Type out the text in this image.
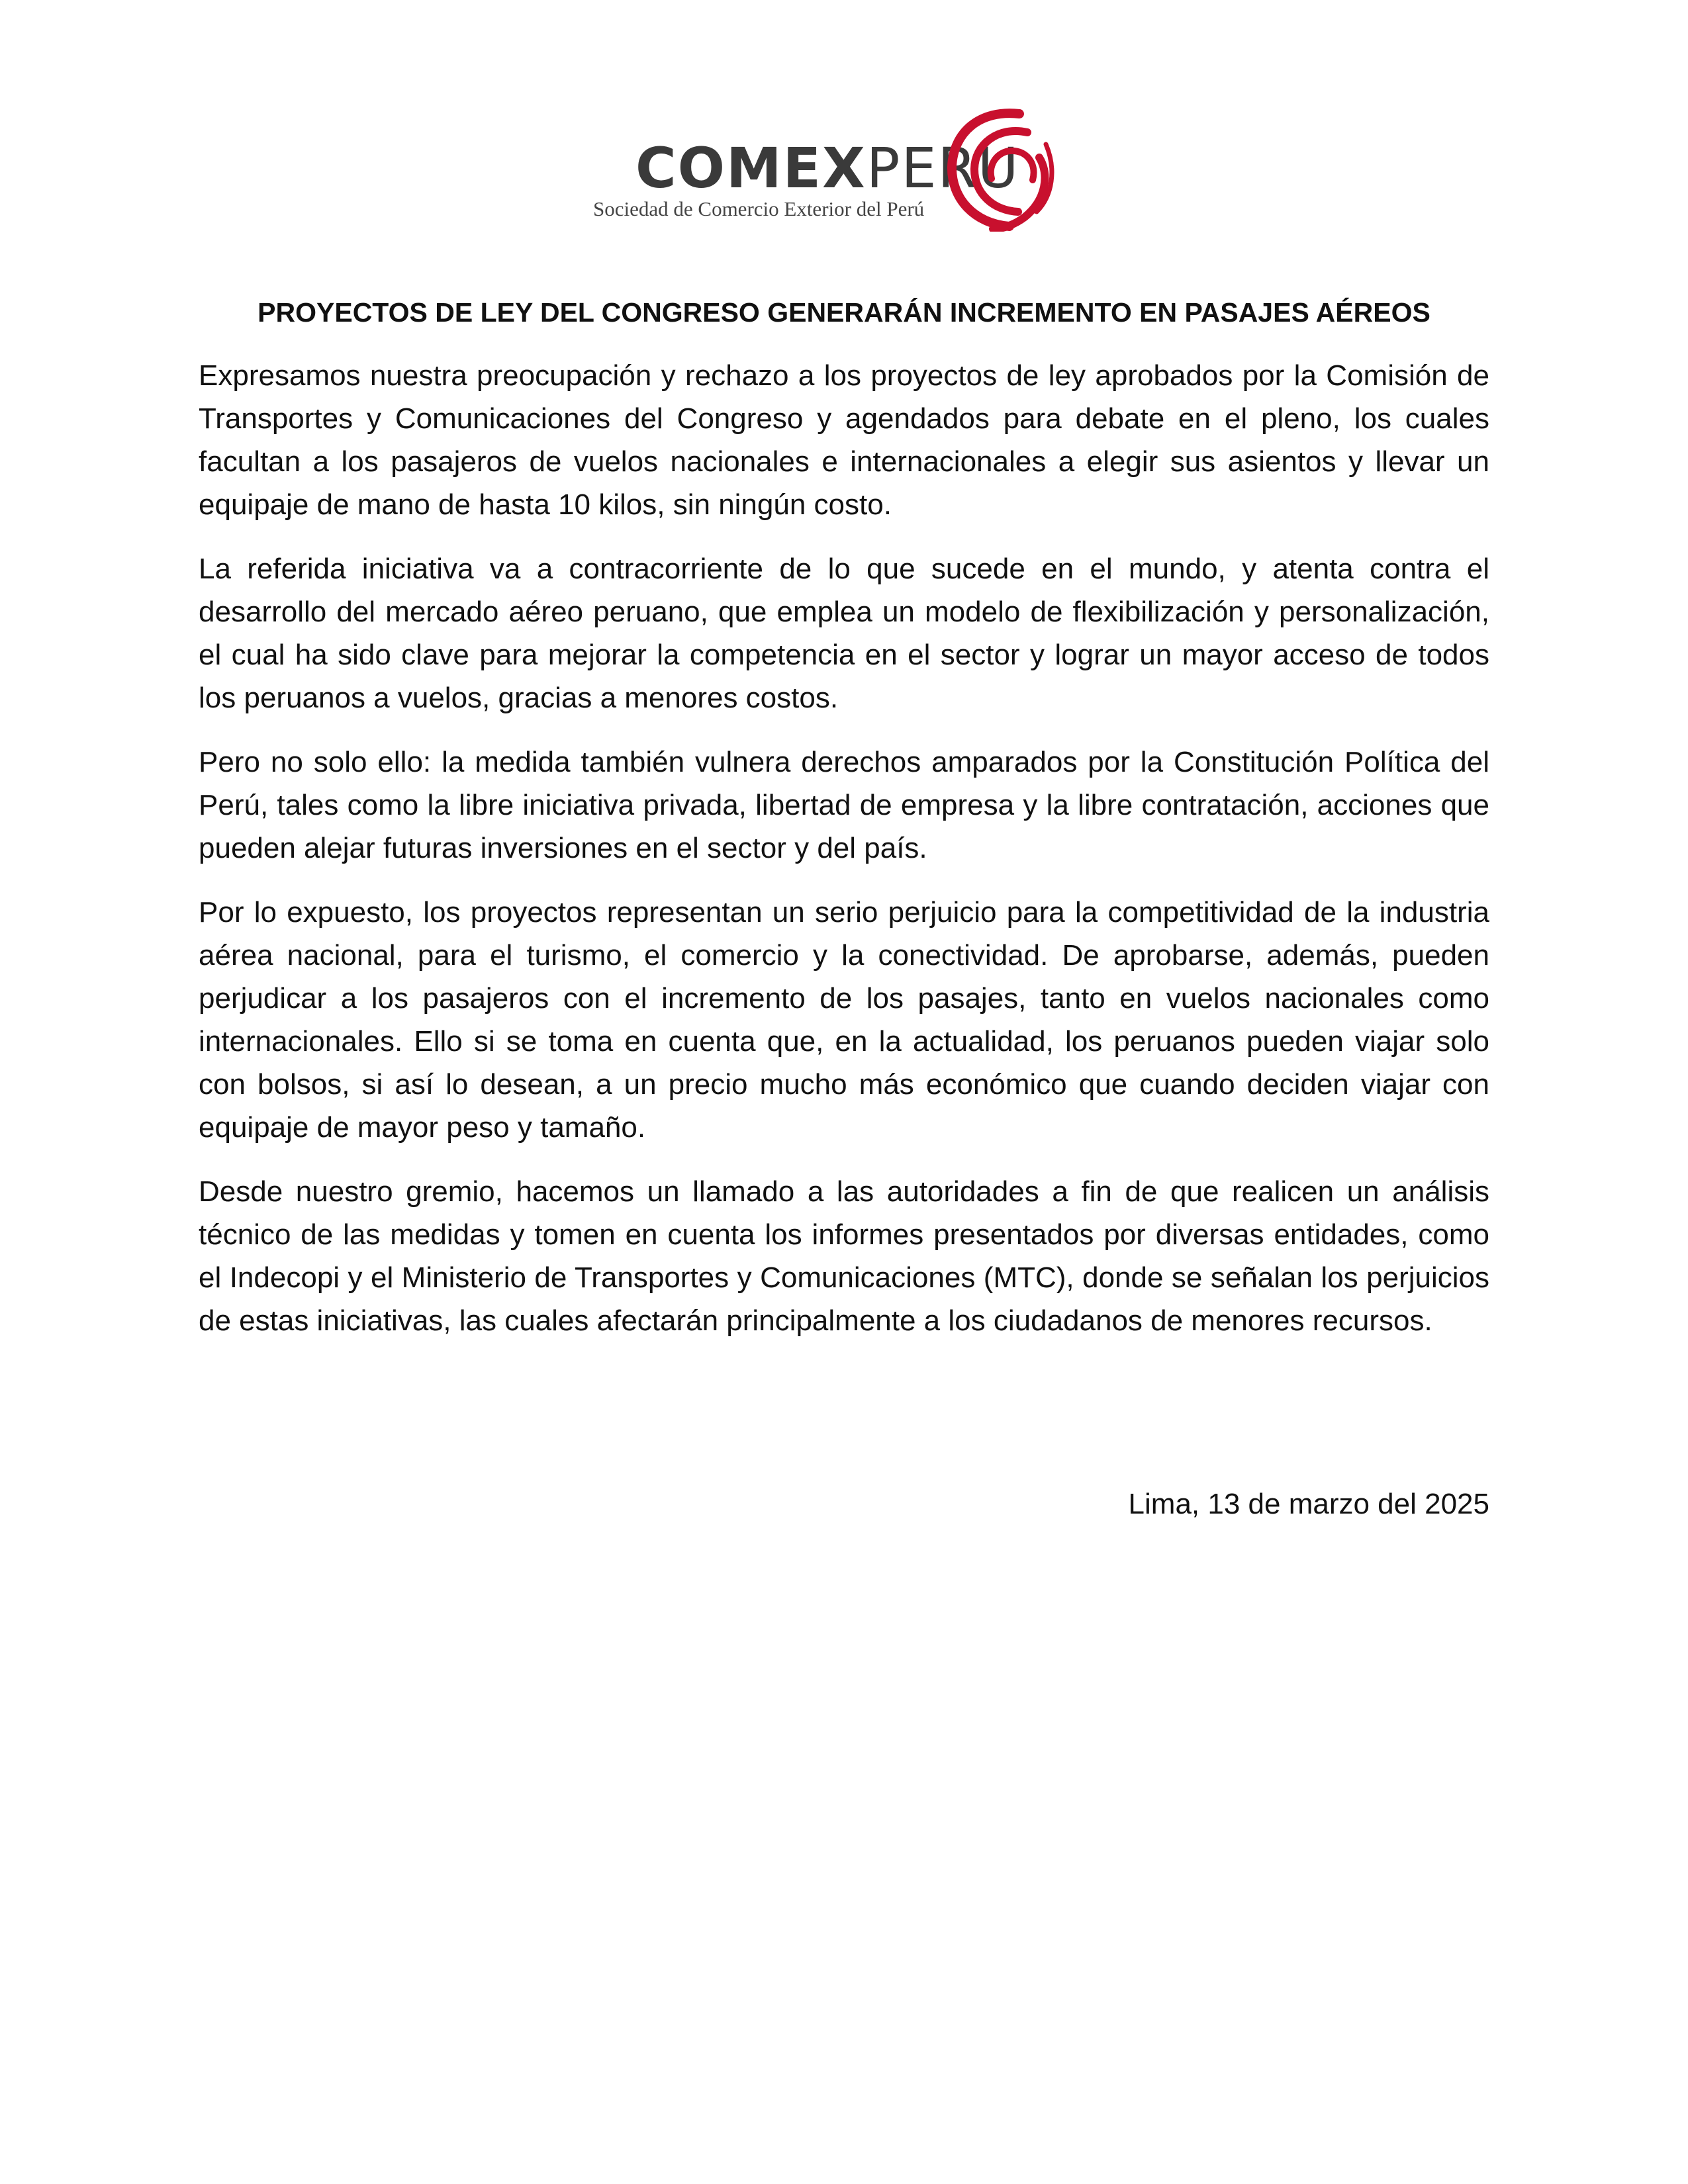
COMEXPERU
Sociedad de Comercio Exterior del Perú
PROYECTOS DE LEY DEL CONGRESO GENERARÁN INCREMENTO EN PASAJES AÉREOS

Expresamos nuestra preocupación y rechazo a los proyectos de ley aprobados por la Comisión de Transportes y Comunicaciones del Congreso y agendados para debate en el pleno, los cuales facultan a los pasajeros de vuelos nacionales e internacionales a elegir sus asientos y llevar un equipaje de mano de hasta 10 kilos, sin ningún costo.

La referida iniciativa va a contracorriente de lo que sucede en el mundo, y atenta contra el desarrollo del mercado aéreo peruano, que emplea un modelo de flexibilización y personalización, el cual ha sido clave para mejorar la competencia en el sector y lograr un mayor acceso de todos los peruanos a vuelos, gracias a menores costos.

Pero no solo ello: la medida también vulnera derechos amparados por la Constitución Política del Perú, tales como la libre iniciativa privada, libertad de empresa y la libre contratación, acciones que pueden alejar futuras inversiones en el sector y del país.

Por lo expuesto, los proyectos representan un serio perjuicio para la competitividad de la industria aérea nacional, para el turismo, el comercio y la conectividad. De aprobarse, además, pueden perjudicar a los pasajeros con el incremento de los pasajes, tanto en vuelos nacionales como internacionales. Ello si se toma en cuenta que, en la actualidad, los peruanos pueden viajar solo con bolsos, si así lo desean, a un precio mucho más económico que cuando deciden viajar con equipaje de mayor peso y tamaño.

Desde nuestro gremio, hacemos un llamado a las autoridades a fin de que realicen un análisis técnico de las medidas y tomen en cuenta los informes presentados por diversas entidades, como el Indecopi y el Ministerio de Transportes y Comunicaciones (MTC), donde se señalan los perjuicios de estas iniciativas, las cuales afectarán principalmente a los ciudadanos de menores recursos.

Lima, 13 de marzo del 2025
